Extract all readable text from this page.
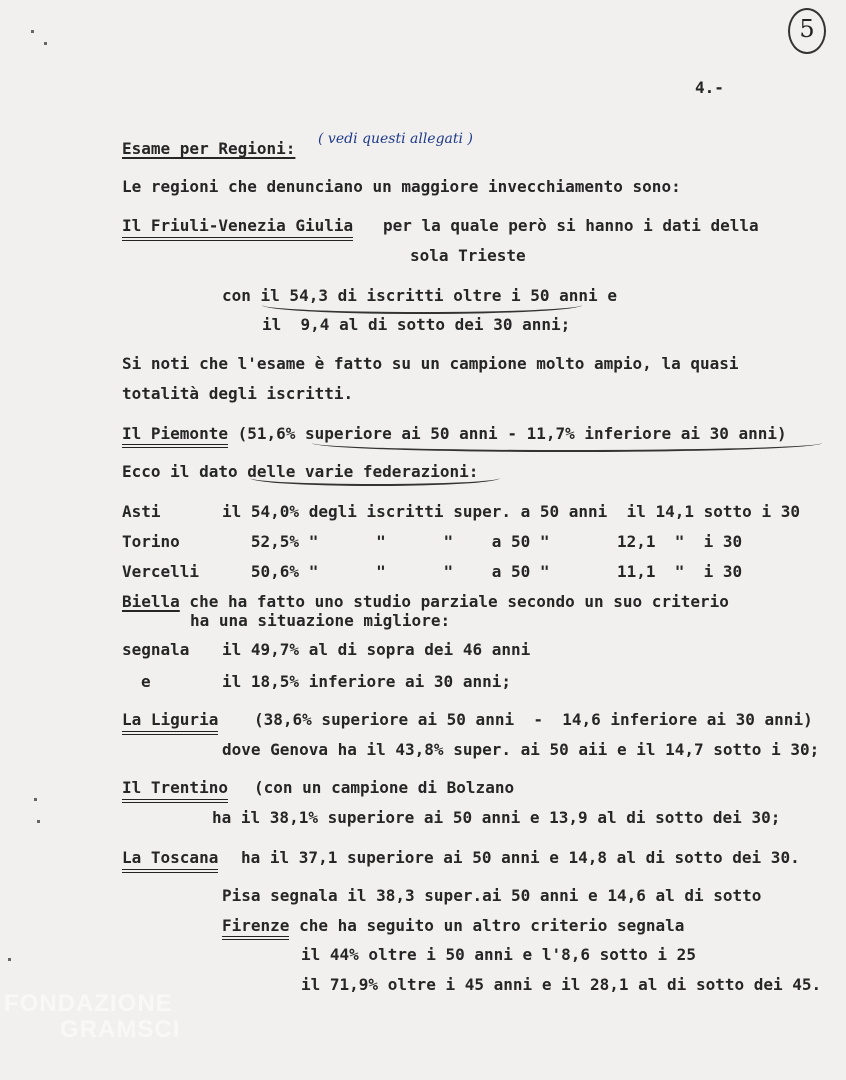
5
4.-
Esame per Regioni: ( vedi questi allegati )
Le regioni che denunciano un maggiore invecchiamento sono:
Il Friuli-Venezia Giulia per la quale però si hanno i dati della
sola Trieste
con il 54,3 di iscritti oltre i 50 anni e
il  9,4 al di sotto dei 30 anni;
Si noti che l'esame è fatto su un campione molto ampio, la quasi
totalità degli iscritti.
Il Piemonte (51,6% superiore ai 50 anni - 11,7% inferiore ai 30 anni)
Ecco il dato delle varie federazioni:
Asti	il 54,0% degli iscritti super. a 50 anni  il 14,1 sotto i 30
Torino	52,5% "      "      "    a 50 "       12,1  "  i 30
Vercelli 50,6% "      "      "    a 50 "       11,1  "  i 30
Biella che ha fatto uno studio parziale secondo un suo criterio
ha una situazione migliore:
segnala il 49,7% al di sopra dei 46 anni
e	il 18,5% inferiore ai 30 anni;
La Liguria (38,6% superiore ai 50 anni  -  14,6 inferiore ai 30 anni)
dove Genova ha il 43,8% super. ai 50 aii e il 14,7 sotto i 30;
Il Trentino (con un campione di Bolzano
ha il 38,1% superiore ai 50 anni e 13,9 al di sotto dei 30;
La Toscana ha il 37,1 superiore ai 50 anni e 14,8 al di sotto dei 30.
Pisa segnala il 38,3 super.ai 50 anni e 14,6 al di sotto
Firenze che ha seguito un altro criterio segnala
il 44% oltre i 50 anni e l'8,6 sotto i 25
il 71,9% oltre i 45 anni e il 28,1 al di sotto dei 45.
FONDAZIONE
GRAMSCI
